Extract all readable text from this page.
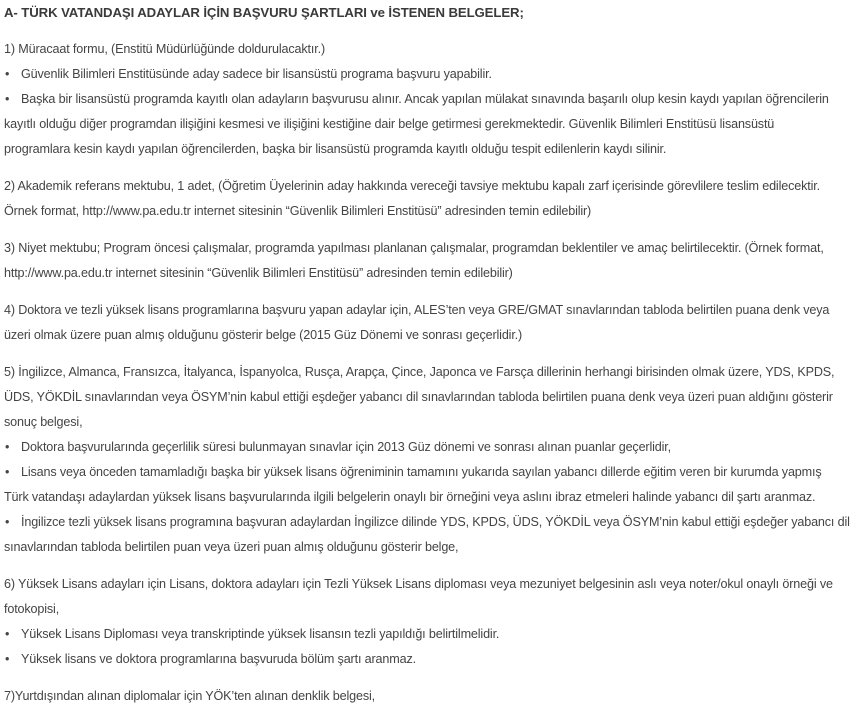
A- TÜRK VATANDAŞI ADAYLAR İÇİN BAŞVURU ŞARTLARI ve İSTENEN BELGELER;
1) Müracaat formu, (Enstitü Müdürlüğünde doldurulacaktır.)
• Güvenlik Bilimleri Enstitüsünde aday sadece bir lisansüstü programa başvuru yapabilir.
• Başka bir lisansüstü programda kayıtlı olan adayların başvurusu alınır. Ancak yapılan mülakat sınavında başarılı olup kesin kaydı yapılan öğrencilerin
kayıtlı olduğu diğer programdan ilişiğini kesmesi ve ilişiğini kestiğine dair belge getirmesi gerekmektedir. Güvenlik Bilimleri Enstitüsü lisansüstü
programlara kesin kaydı yapılan öğrencilerden, başka bir lisansüstü programda kayıtlı olduğu tespit edilenlerin kaydı silinir.
2) Akademik referans mektubu, 1 adet, (Öğretim Üyelerinin aday hakkında vereceği tavsiye mektubu kapalı zarf içerisinde görevlilere teslim edilecektir.
Örnek format, http://www.pa.edu.tr internet sitesinin “Güvenlik Bilimleri Enstitüsü” adresinden temin edilebilir)
3) Niyet mektubu; Program öncesi çalışmalar, programda yapılması planlanan çalışmalar, programdan beklentiler ve amaç belirtilecektir. (Örnek format,
http://www.pa.edu.tr internet sitesinin “Güvenlik Bilimleri Enstitüsü” adresinden temin edilebilir)
4) Doktora ve tezli yüksek lisans programlarına başvuru yapan adaylar için, ALES’ten veya GRE/GMAT sınavlarından tabloda belirtilen puana denk veya
üzeri olmak üzere puan almış olduğunu gösterir belge (2015 Güz Dönemi ve sonrası geçerlidir.)
5) İngilizce, Almanca, Fransızca, İtalyanca, İspanyolca, Rusça, Arapça, Çince, Japonca ve Farsça dillerinin herhangi birisinden olmak üzere, YDS, KPDS,
ÜDS, YÖKDİL sınavlarından veya ÖSYM’nin kabul ettiği eşdeğer yabancı dil sınavlarından tabloda belirtilen puana denk veya üzeri puan aldığını gösterir
sonuç belgesi,
• Doktora başvurularında geçerlilik süresi bulunmayan sınavlar için 2013 Güz dönemi ve sonrası alınan puanlar geçerlidir,
• Lisans veya önceden tamamladığı başka bir yüksek lisans öğreniminin tamamını yukarıda sayılan yabancı dillerde eğitim veren bir kurumda yapmış
Türk vatandaşı adaylardan yüksek lisans başvurularında ilgili belgelerin onaylı bir örneğini veya aslını ibraz etmeleri halinde yabancı dil şartı aranmaz.
• İngilizce tezli yüksek lisans programına başvuran adaylardan İngilizce dilinde YDS, KPDS, ÜDS, YÖKDİL veya ÖSYM’nin kabul ettiği eşdeğer yabancı dil
sınavlarından tabloda belirtilen puan veya üzeri puan almış olduğunu gösterir belge,
6) Yüksek Lisans adayları için Lisans, doktora adayları için Tezli Yüksek Lisans diploması veya mezuniyet belgesinin aslı veya noter/okul onaylı örneği ve
fotokopisi,
• Yüksek Lisans Diploması veya transkriptinde yüksek lisansın tezli yapıldığı belirtilmelidir.
• Yüksek lisans ve doktora programlarına başvuruda bölüm şartı aranmaz.
7)Yurtdışından alınan diplomalar için YÖK’ten alınan denklik belgesi,
